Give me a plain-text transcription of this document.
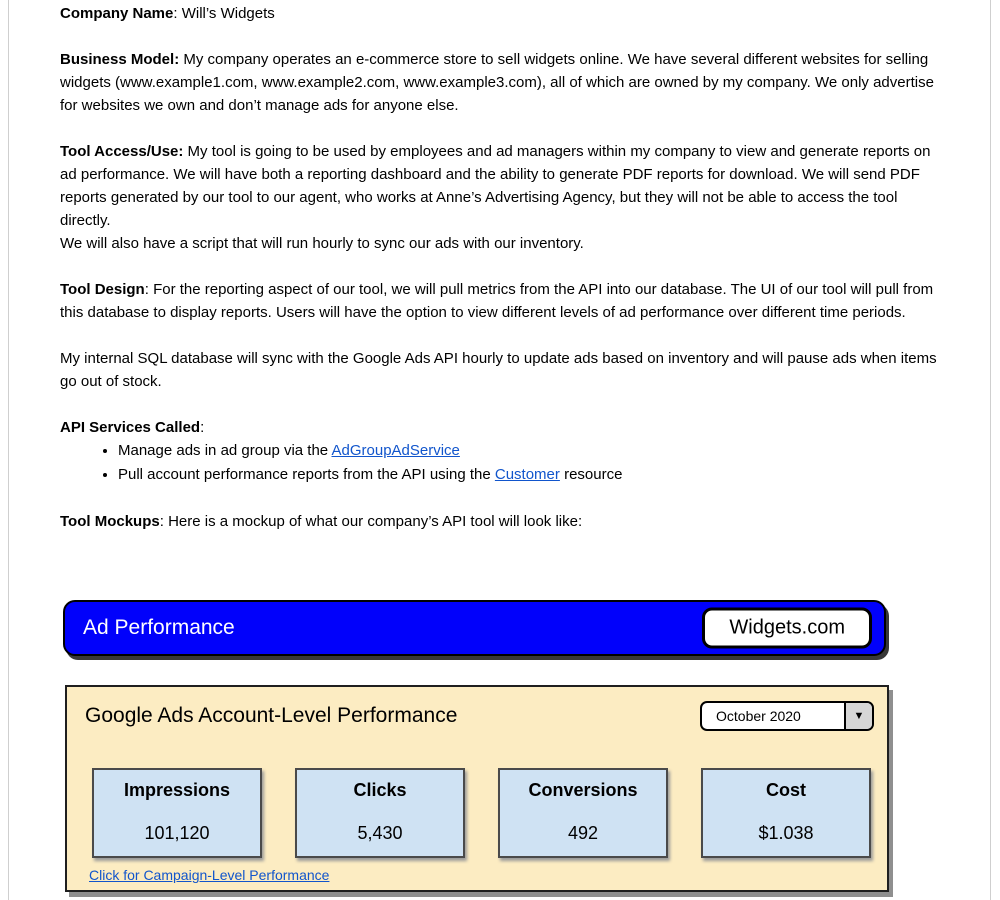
Company Name: Will’s Widgets
Business Model: My company operates an e-commerce store to sell widgets online. We have several different websites for selling widgets (www.example1.com, www.example2.com, www.example3.com), all of which are owned by my company. We only advertise for websites we own and don’t manage ads for anyone else.
Tool Access/Use: My tool is going to be used by employees and ad managers within my company to view and generate reports on ad performance. We will have both a reporting dashboard and the ability to generate PDF reports for download. We will send PDF reports generated by our tool to our agent, who works at Anne’s Advertising Agency, but they will not be able to access the tool directly.
We will also have a script that will run hourly to sync our ads with our inventory.
Tool Design: For the reporting aspect of our tool, we will pull metrics from the API into our database. The UI of our tool will pull from this database to display reports. Users will have the option to view different levels of ad performance over different time periods.
My internal SQL database will sync with the Google Ads API hourly to update ads based on inventory and will pause ads when items go out of stock.
API Services Called:
• Manage ads in ad group via the AdGroupAdService
• Pull account performance reports from the API using the Customer resource
Tool Mockups: Here is a mockup of what our company’s API tool will look like:
Ad Performance	Widgets.com
Google Ads Account-Level Performance	October 2020	▼
Impressions
101,120
Clicks
5,430
Conversions
492
Cost
$1.038
Click for Campaign-Level Performance
